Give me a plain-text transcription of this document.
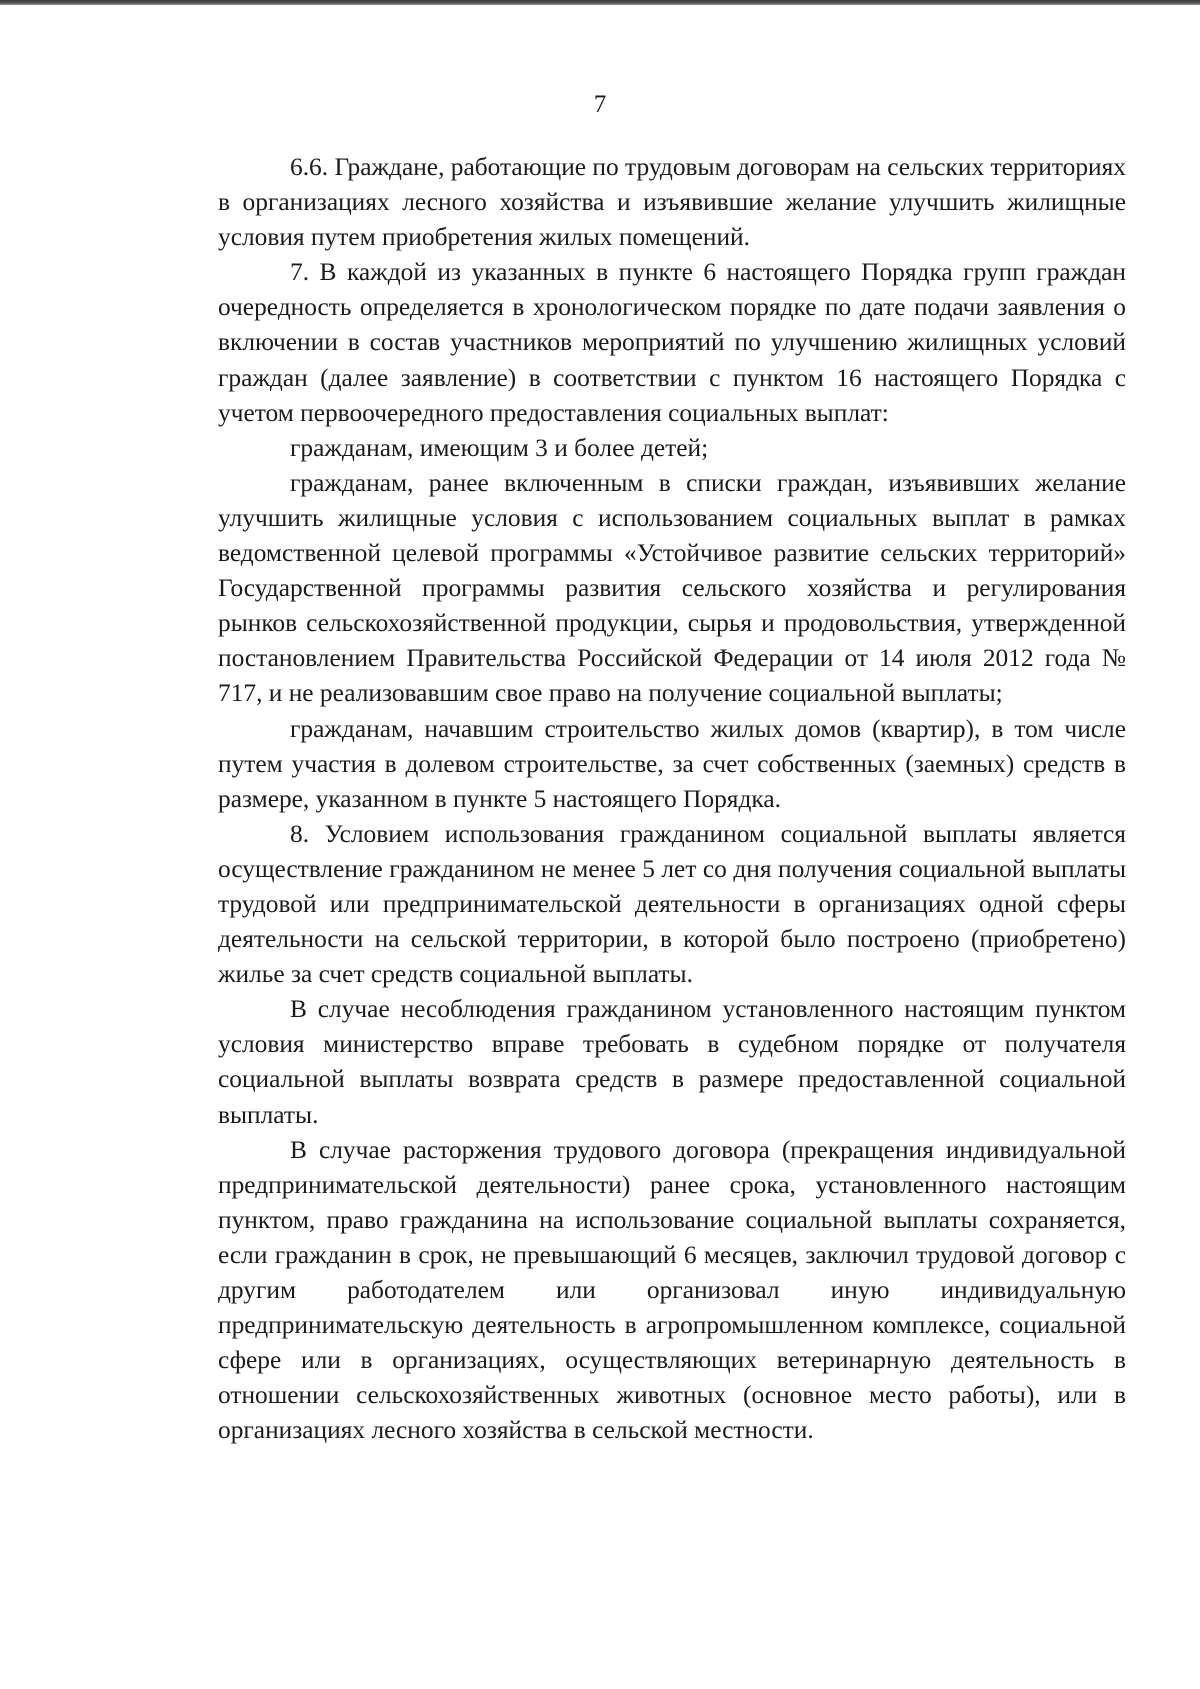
7

6.6. Граждане, работающие по трудовым договорам на сельских территориях в организациях лесного хозяйства и изъявившие желание улучшить жилищные условия путем приобретения жилых помещений.

7. В каждой из указанных в пункте 6 настоящего Порядка групп граждан очередность определяется в хронологическом порядке по дате подачи заявления о включении в состав участников мероприятий по улучшению жилищных условий граждан (далее заявление) в соответствии с пунктом 16 настоящего Порядка с учетом первоочередного предоставления социальных выплат:

гражданам, имеющим 3 и более детей;

гражданам, ранее включенным в списки граждан, изъявивших желание улучшить жилищные условия с использованием социальных выплат в рамках ведомственной целевой программы «Устойчивое развитие сельских территорий» Государственной программы развития сельского хозяйства и регулирования рынков сельскохозяйственной продукции, сырья и продовольствия, утвержденной постановлением Правительства Российской Федерации от 14 июля 2012 года № 717, и не реализовавшим свое право на получение социальной выплаты;

гражданам, начавшим строительство жилых домов (квартир), в том числе путем участия в долевом строительстве, за счет собственных (заемных) средств в размере, указанном в пункте 5 настоящего Порядка.

8. Условием использования гражданином социальной выплаты является осуществление гражданином не менее 5 лет со дня получения социальной выплаты трудовой или предпринимательской деятельности в организациях одной сферы деятельности на сельской территории, в которой было построено (приобретено) жилье за счет средств социальной выплаты.

В случае несоблюдения гражданином установленного настоящим пунктом условия министерство вправе требовать в судебном порядке от получателя социальной выплаты возврата средств в размере предоставленной социальной выплаты.

В случае расторжения трудового договора (прекращения индивидуальной предпринимательской деятельности) ранее срока, установленного настоящим пунктом, право гражданина на использование социальной выплаты сохраняется, если гражданин в срок, не превышающий 6 месяцев, заключил трудовой договор с другим работодателем или организовал иную индивидуальную предпринимательскую деятельность в агропромышленном комплексе, социальной сфере или в организациях, осуществляющих ветеринарную деятельность в отношении сельскохозяйственных животных (основное место работы), или в организациях лесного хозяйства в сельской местности.
